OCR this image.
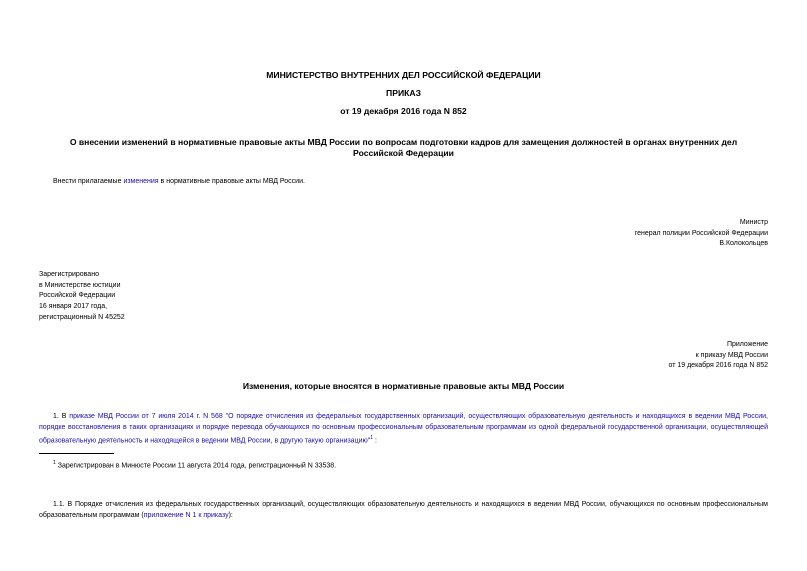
МИНИСТЕРСТВО ВНУТРЕННИХ ДЕЛ РОССИЙСКОЙ ФЕДЕРАЦИИ
ПРИКАЗ
от 19 декабря 2016 года N 852
О внесении изменений в нормативные правовые акты МВД России по вопросам подготовки кадров для замещения должностей в органах внутренних дел Российской Федерации
Внести прилагаемые изменения в нормативные правовые акты МВД России.
Министр
генерал полиции Российской Федерации
В.Колокольцев
Зарегистрировано
в Министерстве юстиции
Российской Федерации
16 января 2017 года,
регистрационный N 45252
Приложение
к приказу МВД России
от 19 декабря 2016 года N 852
Изменения, которые вносятся в нормативные правовые акты МВД России
1. В приказе МВД России от 7 июля 2014 г. N 568 "О порядке отчисления из федеральных государственных организаций, осуществляющих образовательную деятельность и находящихся в ведении МВД России, порядке восстановления в таких организациях и порядке перевода обучающихся по основным профессиональным образовательным программам из одной федеральной государственной организации, осуществляющей образовательную деятельность и находящейся в ведении МВД России, в другую такую организацию"$^1$ :
$^1$ Зарегистрирован в Минюсте России 11 августа 2014 года, регистрационный N 33538.
1.1. В Порядке отчисления из федеральных государственных организаций, осуществляющих образовательную деятельность и находящихся в ведении МВД России, обучающихся по основным профессиональным образовательным программам (приложение N 1 к приказу):
